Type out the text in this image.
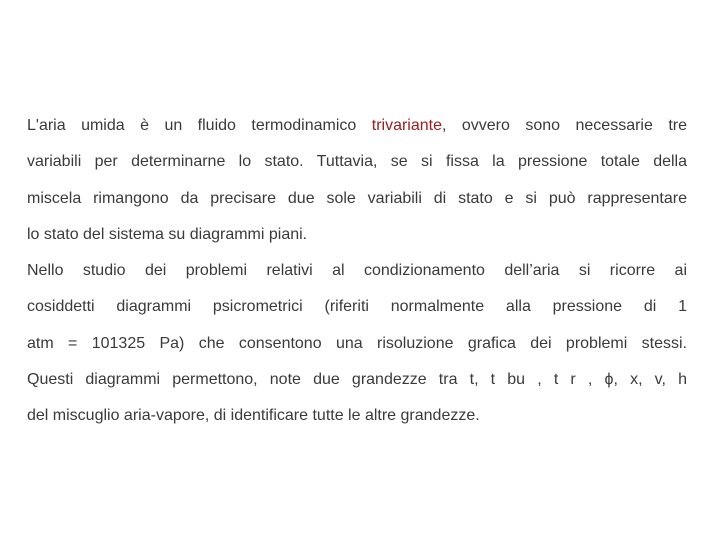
L'aria umida è un fluido termodinamico trivariante, ovvero sono necessarie tre
variabili per determinarne lo stato. Tuttavia, se si fissa la pressione totale della
miscela rimangono da precisare due sole variabili di stato e si può rappresentare
lo stato del sistema su diagrammi piani.
Nello studio dei problemi relativi al condizionamento dell’aria si ricorre ai
cosiddetti diagrammi psicrometrici (riferiti normalmente alla pressione di 1
atm = 101325 Pa) che consentono una risoluzione grafica dei problemi stessi.
Questi diagrammi permettono, note due grandezze tra t, t bu , t r , ϕ, x, v, h
del miscuglio aria-vapore, di identificare tutte le altre grandezze.
